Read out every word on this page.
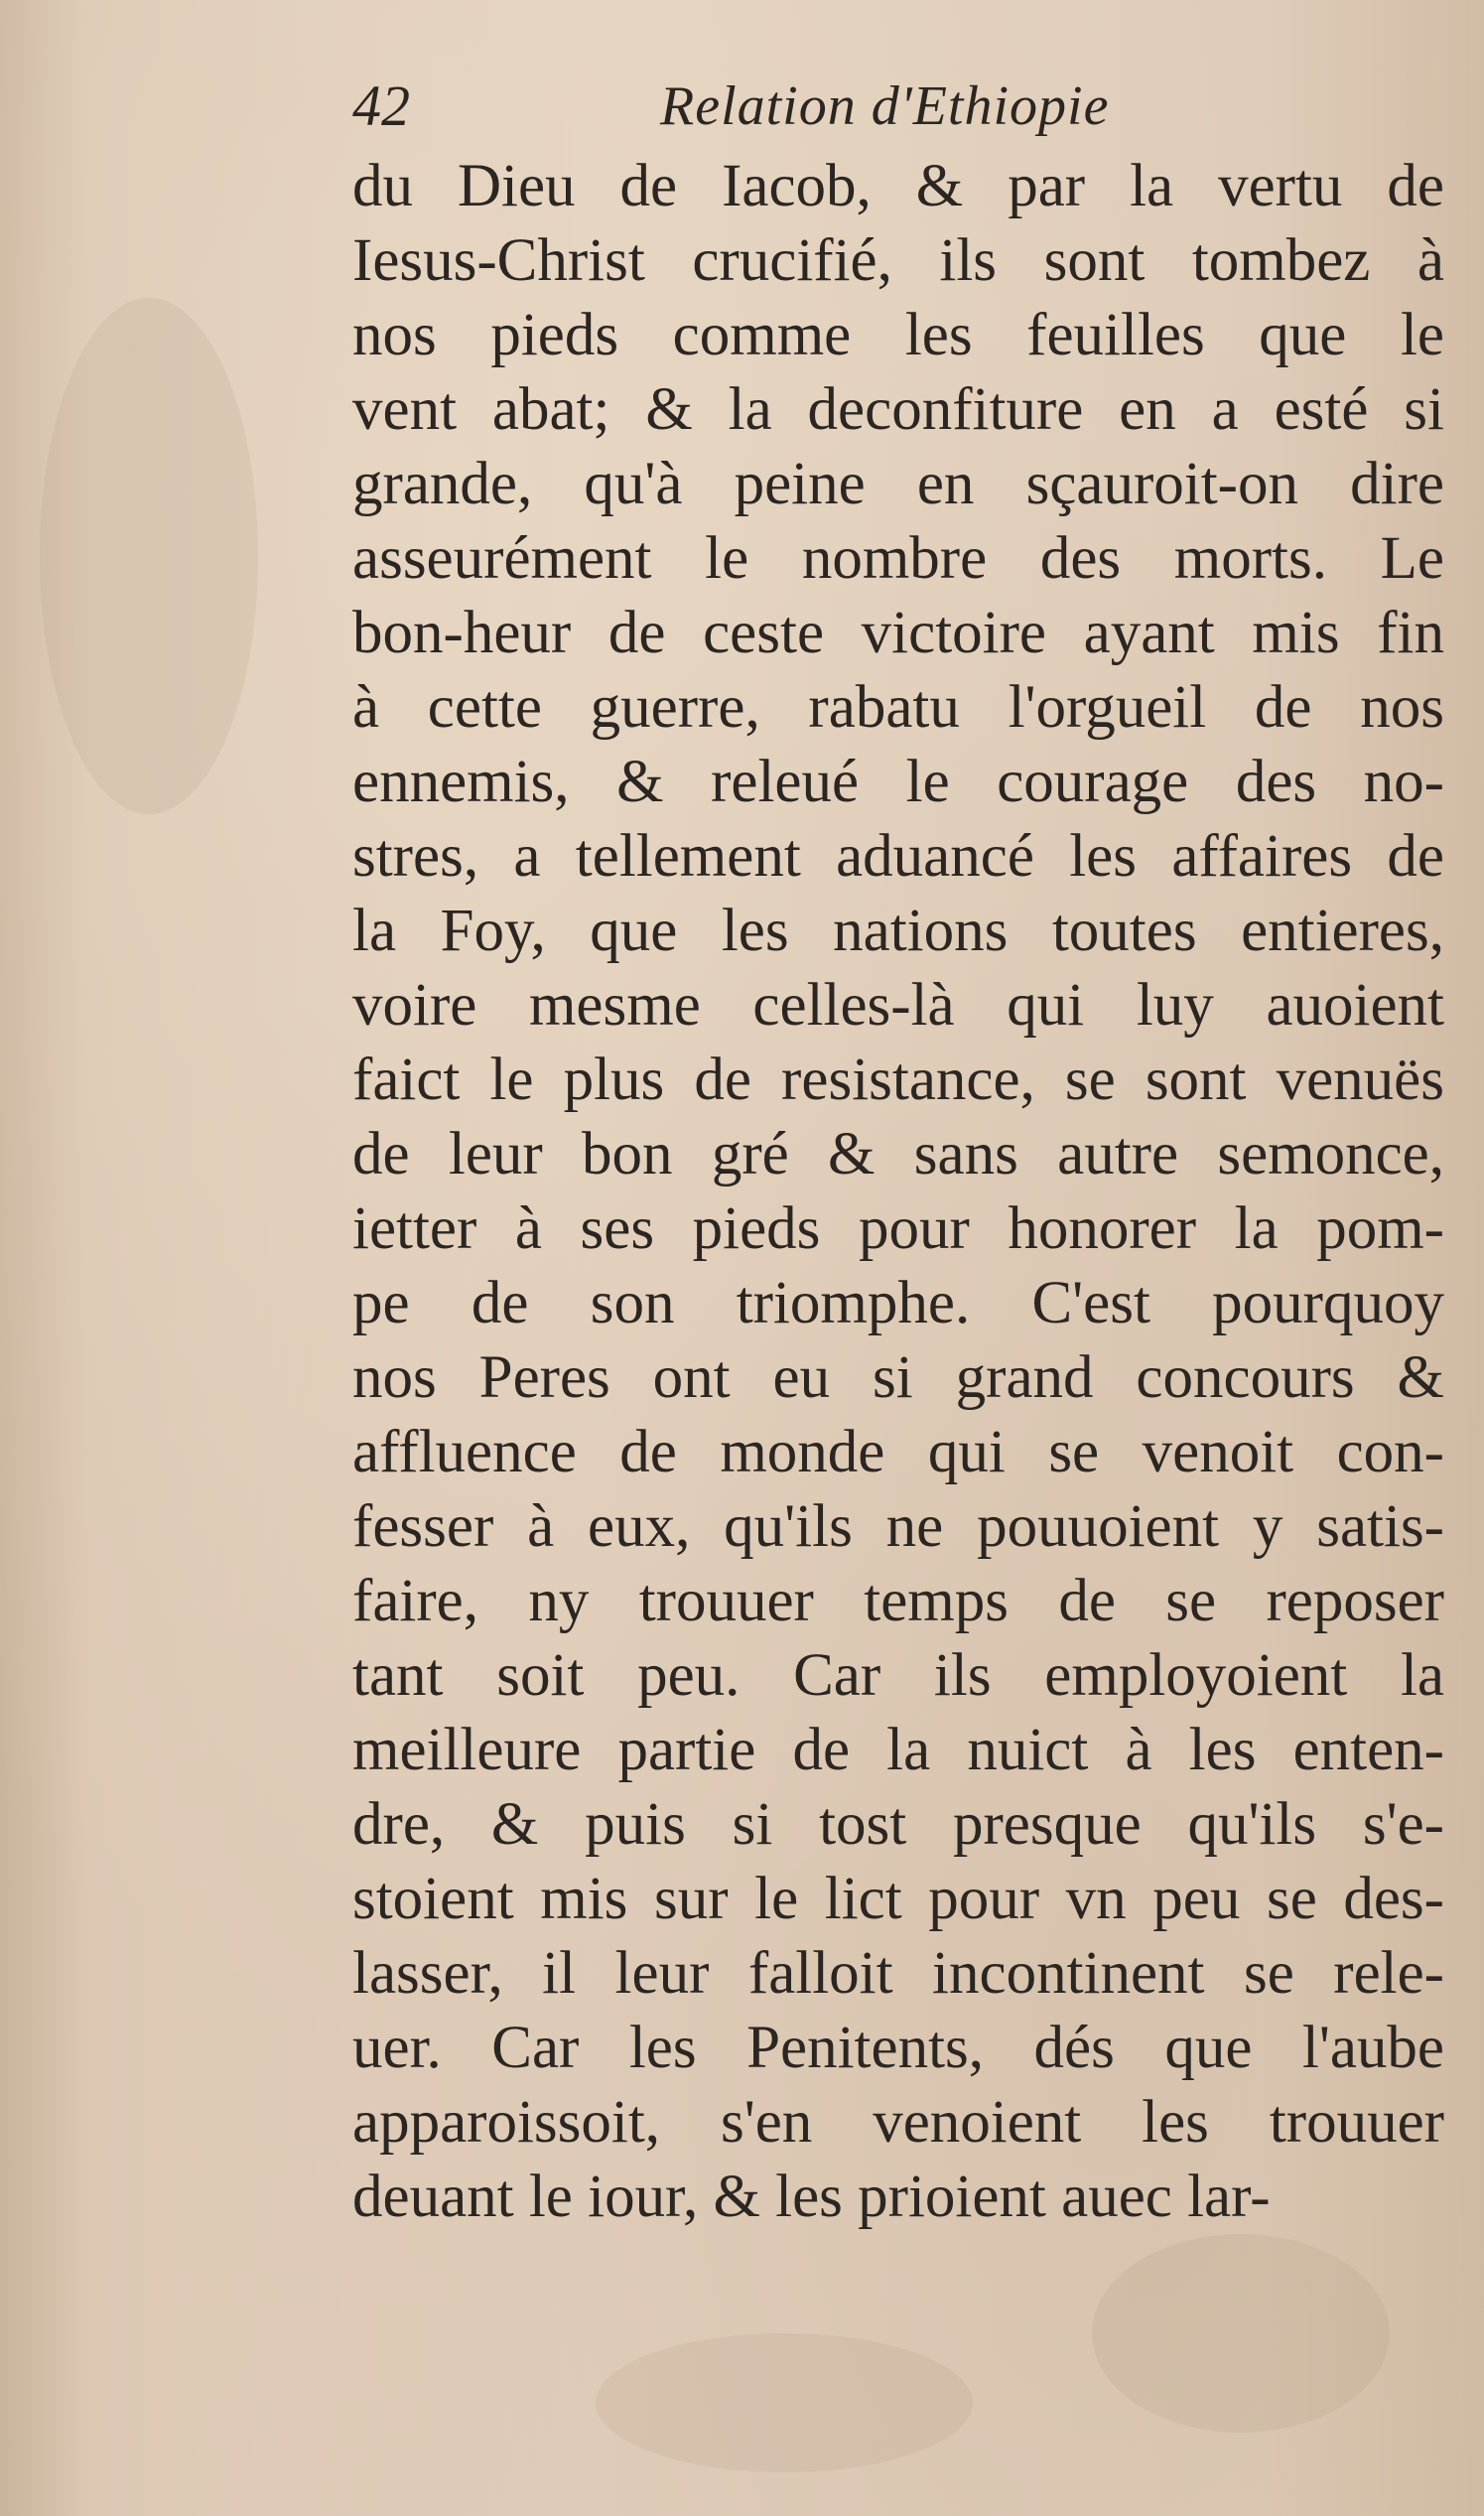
42	Relation d'Ethiopie
du Dieu de Iacob, & par la vertu de
Iesus-Christ crucifié, ils sont tombez à
nos pieds comme les feuilles que le
vent abat; & la deconfiture en a esté si
grande, qu'à peine en sçauroit-on dire
asseurément le nombre des morts. Le
bon-heur de ceste victoire ayant mis fin
à cette guerre, rabatu l'orgueil de nos
ennemis, & releué le courage des no-
stres, a tellement aduancé les affaires de
la Foy, que les nations toutes entieres,
voire mesme celles-là qui luy auoient
faict le plus de resistance, se sont venuës
de leur bon gré & sans autre semonce,
ietter à ses pieds pour honorer la pom-
pe de son triomphe. C'est pourquoy
nos Peres ont eu si grand concours &
affluence de monde qui se venoit con-
fesser à eux, qu'ils ne pouuoient y satis-
faire, ny trouuer temps de se reposer
tant soit peu. Car ils employoient la
meilleure partie de la nuict à les enten-
dre, & puis si tost presque qu'ils s'e-
stoient mis sur le lict pour vn peu se des-
lasser, il leur falloit incontinent se rele-
uer. Car les Penitents, dés que l'aube
apparoissoit, s'en venoient les trouuer
deuant le iour, & les prioient auec lar-
